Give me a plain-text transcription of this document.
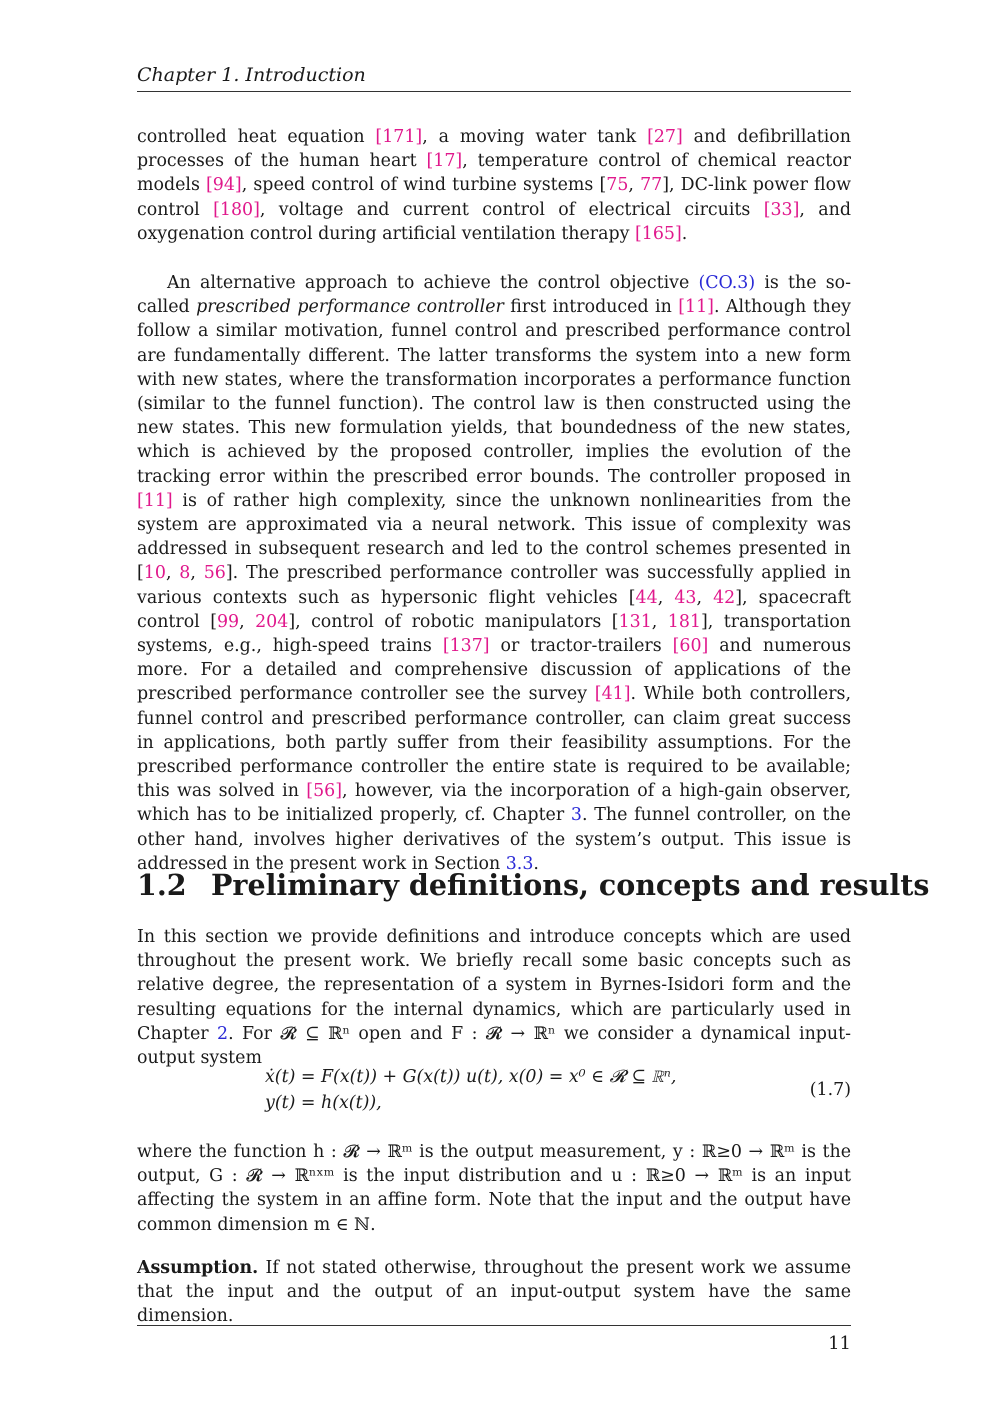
Chapter 1. Introduction

controlled heat equation [171], a moving water tank [27] and defibrillation processes of the human heart [17], temperature control of chemical reactor models [94], speed control of wind turbine systems [75, 77], DC-link power flow control [180], voltage and current control of electrical circuits [33], and oxygenation control during artificial ventilation therapy [165].

An alternative approach to achieve the control objective (CO.3) is the so-called prescribed performance controller first introduced in [11]. Although they follow a similar motivation, funnel control and prescribed performance control are fundamentally different. The latter transforms the system into a new form with new states, where the transformation incorporates a performance function (similar to the funnel function). The control law is then constructed using the new states. This new formulation yields, that boundedness of the new states, which is achieved by the proposed controller, implies the evolution of the tracking error within the prescribed error bounds. The controller proposed in [11] is of rather high complexity, since the unknown nonlinearities from the system are approximated via a neural network. This issue of complexity was addressed in subsequent research and led to the control schemes presented in [10, 8, 56]. The prescribed performance controller was successfully applied in various contexts such as hypersonic flight vehicles [44, 43, 42], spacecraft control [99, 204], control of robotic manipulators [131, 181], transportation systems, e.g., high-speed trains [137] or tractor-trailers [60] and numerous more. For a detailed and comprehensive discussion of applications of the prescribed performance controller see the survey [41]. While both controllers, funnel control and prescribed performance controller, can claim great success in applications, both partly suffer from their feasibility assumptions. For the prescribed performance controller the entire state is required to be available; this was solved in [56], however, via the incorporation of a high-gain observer, which has to be initialized properly, cf. Chapter 3. The funnel controller, on the other hand, involves higher derivatives of the system’s output. This issue is addressed in the present work in Section 3.3.

1.2 Preliminary definitions, concepts and results

In this section we provide definitions and introduce concepts which are used throughout the present work. We briefly recall some basic concepts such as relative degree, the representation of a system in Byrnes-Isidori form and the resulting equations for the internal dynamics, which are particularly used in Chapter 2. For 𝓡 ⊆ ℝⁿ open and F : 𝓡 → ℝⁿ we consider a dynamical input-output system

ẋ(t) = F(x(t)) + G(x(t)) u(t), x(0) = x⁰ ∈ 𝓡 ⊆ ℝⁿ,
y(t) = h(x(t)),
(1.7)

where the function h : 𝓡 → ℝᵐ is the output measurement, y : ℝ≥0 → ℝᵐ is the output, G : 𝓡 → ℝⁿˣᵐ is the input distribution and u : ℝ≥0 → ℝᵐ is an input affecting the system in an affine form. Note that the input and the output have common dimension m ∈ ℕ.

Assumption. If not stated otherwise, throughout the present work we assume that the input and the output of an input-output system have the same dimension.

11
